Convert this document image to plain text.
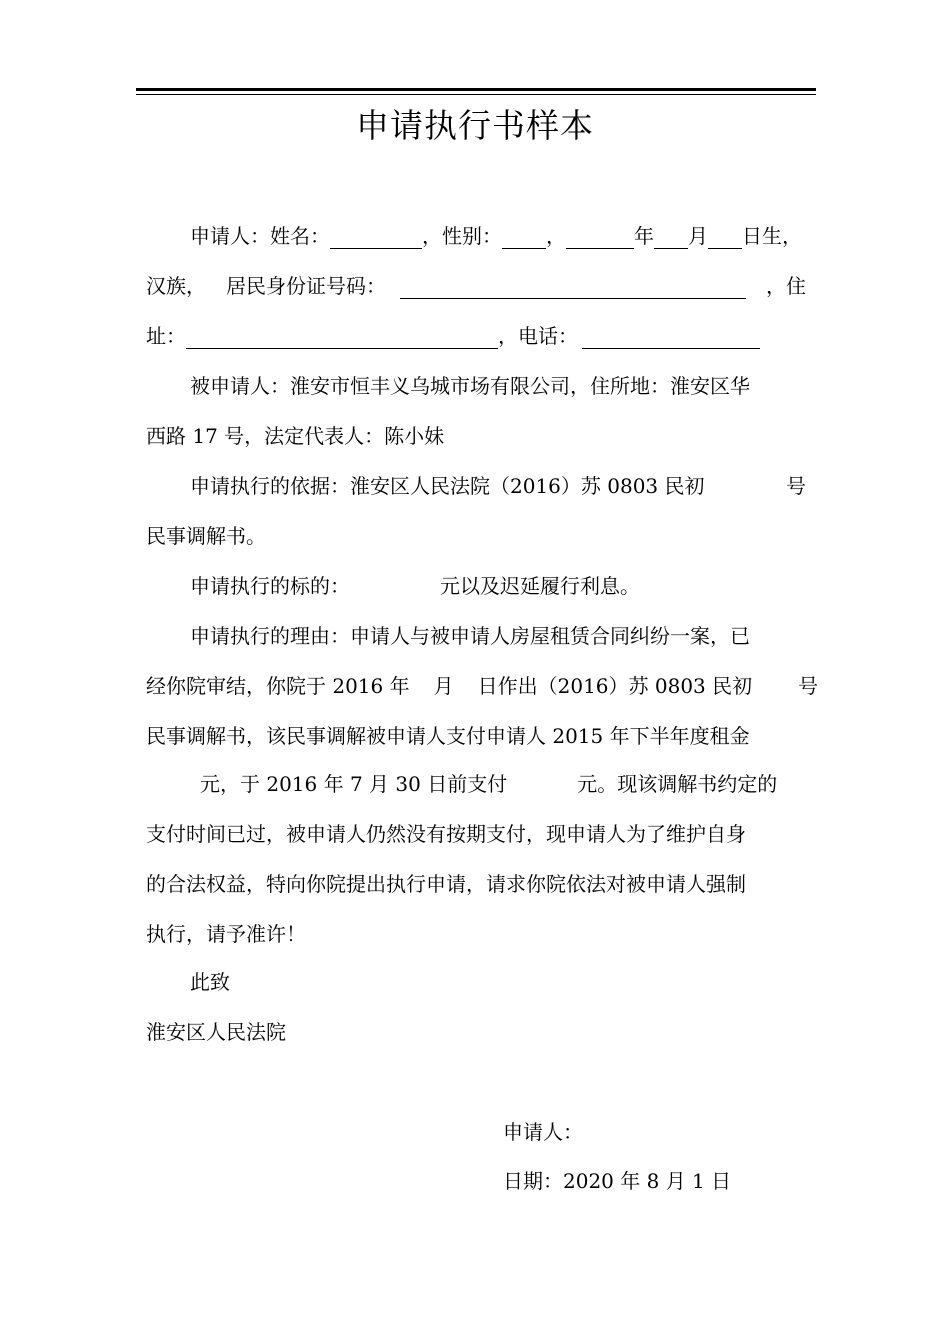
申请执行书样本
申请人：姓名：	，性别： ，	年 月 日生，
汉族， 居民身份证号码：	，住
址：	，电话：
被申请人：淮安市恒丰义乌城市场有限公司，住所地：淮安区华
西路 17 号，法定代表人：陈小妹
申请执行的依据：淮安区人民法院（2016）苏 0803 民初	号
民事调解书。
申请执行的标的：	元以及迟延履行利息。
申请执行的理由：申请人与被申请人房屋租赁合同纠纷一案，已
经你院审结，你院于 2016 年 月 日作出（2016）苏 0803 民初 号
民事调解书，该民事调解被申请人支付申请人 2015 年下半年度租金
元，于 2016 年 7 月 30 日前支付	元。现该调解书约定的
支付时间已过，被申请人仍然没有按期支付，现申请人为了维护自身
的合法权益，特向你院提出执行申请，请求你院依法对被申请人强制
执行，请予准许！
此致
淮安区人民法院
申请人：
日期：2020 年 8 月 1 日
